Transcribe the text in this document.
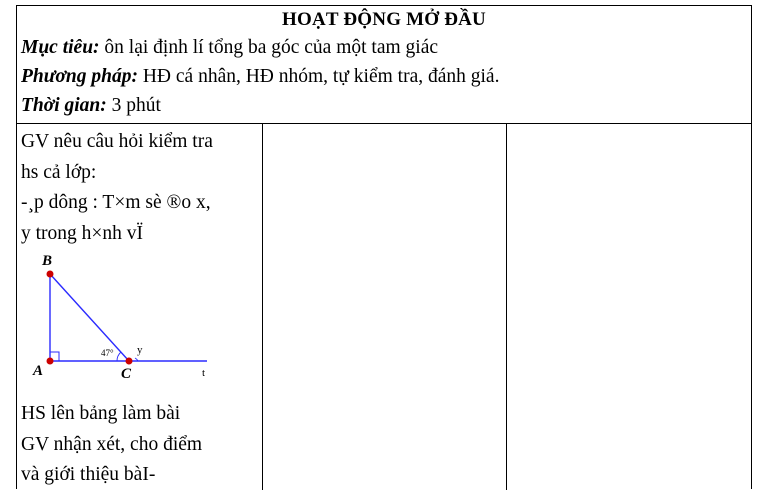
HOẠT ĐỘNG MỞ ĐẦU
Mục tiêu: ôn lại định lí tổng ba góc của một tam giác
Phương pháp: HĐ cá nhân, HĐ nhóm, tự kiểm tra, đánh giá.
Thời gian: 3 phút
GV nêu câu hỏi kiểm tra
hs cả lớp:
-¸p dông : T×m sè ®o x,
y trong h×nh vÏ
B
A	C	t
y
47°
HS lên bảng làm bài
GV nhận xét, cho điểm
và giới thiệu bàI-
